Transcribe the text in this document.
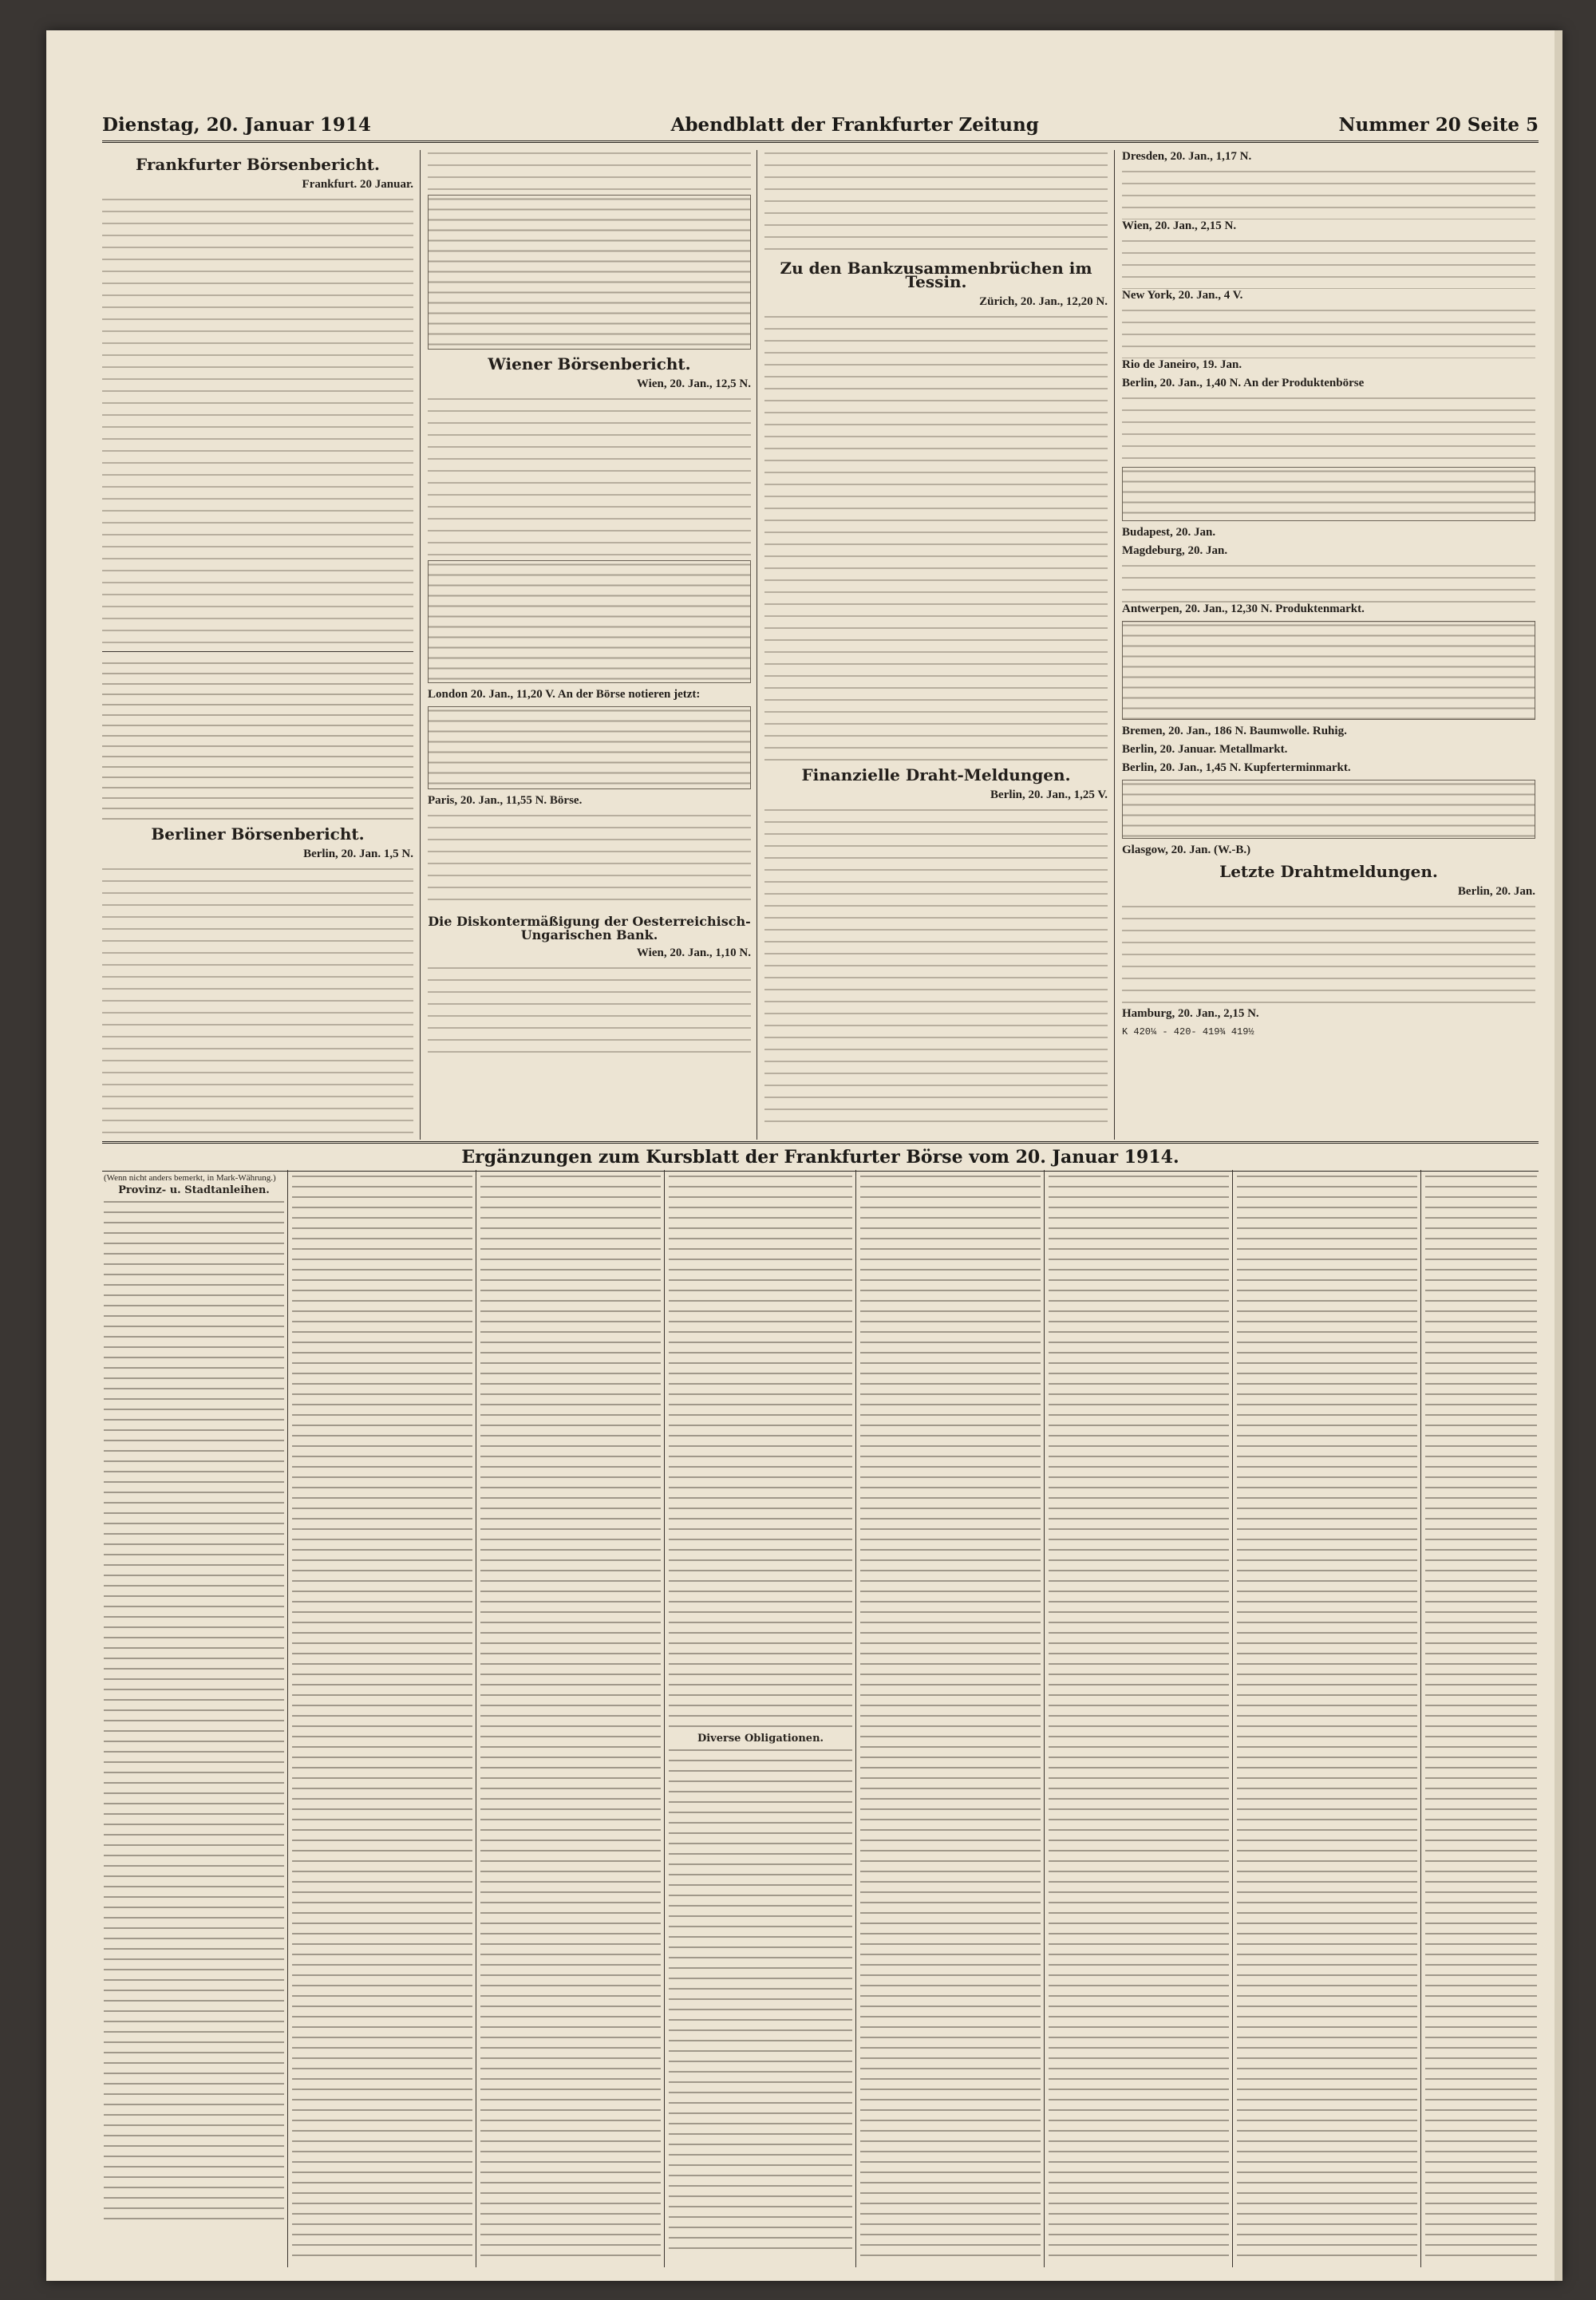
Dienstag, 20. Januar 1914	Abendblatt der Frankfurter Zeitung	Nummer 20 Seite 5
Frankfurter Börsenbericht.
Frankfurt. 20 Januar.
Berliner Börsenbericht.
Berlin, 20. Jan. 1,5 N.
Wiener Börsenbericht.
Wien, 20. Jan., 12,5 N.
London 20. Jan., 11,20 V. An der Börse notieren jetzt:
Paris, 20. Jan., 11,55 N. Börse.
Die Diskontermäßigung der Oesterreichisch-Ungarischen Bank.
Wien, 20. Jan., 1,10 N.
Zu den Bankzusammenbrüchen im Tessin.
Zürich, 20. Jan., 12,20 N.
Finanzielle Draht-Meldungen.
Berlin, 20. Jan., 1,25 V.
Dresden, 20. Jan., 1,17 N.
Wien, 20. Jan., 2,15 N.
New York, 20. Jan., 4 V.
Rio de Janeiro, 19. Jan.
Berlin, 20. Jan., 1,40 N. An der Produktenbörse
Budapest, 20. Jan.
Magdeburg, 20. Jan.
Antwerpen, 20. Jan., 12,30 N. Produktenmarkt.
Bremen, 20. Jan., 186 N. Baumwolle. Ruhig.
Berlin, 20. Januar. Metallmarkt.
Berlin, 20. Jan., 1,45 N. Kupferterminmarkt.
Glasgow, 20. Jan. (W.-B.)
Letzte Drahtmeldungen.
Berlin, 20. Jan.
Hamburg, 20. Jan., 2,15 N.
K 420¼ - 420- 419¾ 419½
Ergänzungen zum Kursblatt der Frankfurter Börse vom 20. Januar 1914.
(Wenn nicht anders bemerkt, in Mark-Währung.)
Provinz- u. Stadtanleihen.
Diverse Obligationen.
